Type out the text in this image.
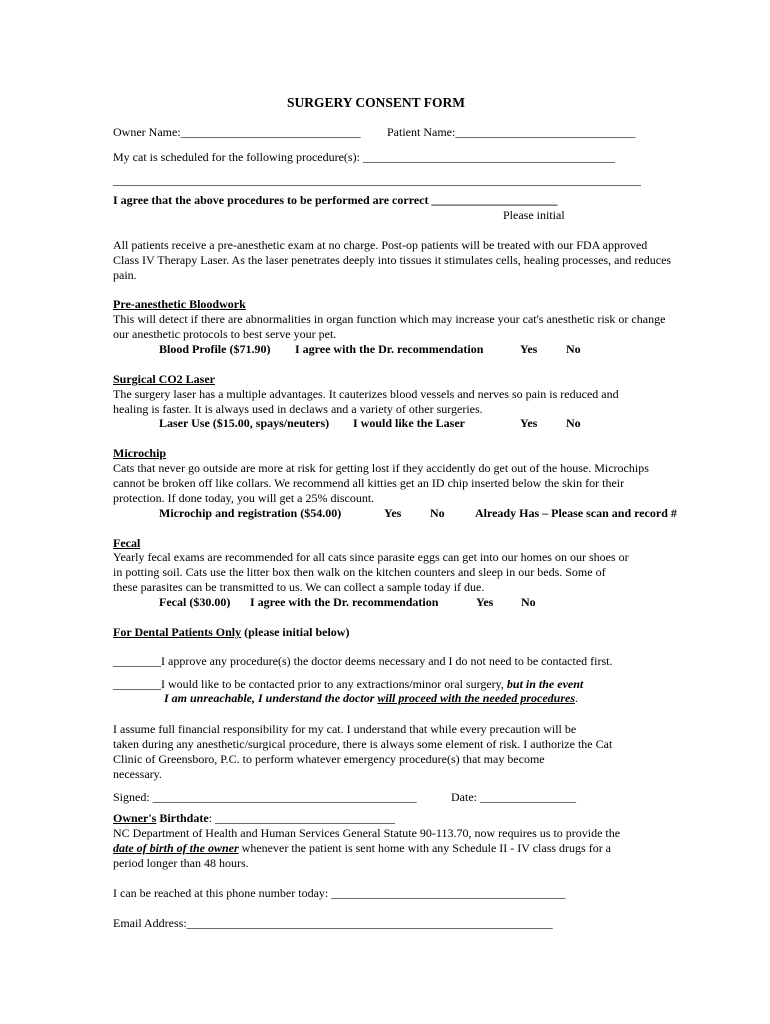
SURGERY CONSENT FORM
Owner Name:______________________________ Patient Name:______________________________
My cat is scheduled for the following procedure(s): __________________________________________
________________________________________________________________________________________
I agree that the above procedures to be performed are correct _____________________
Please initial
All patients receive a pre-anesthetic exam at no charge. Post-op patients will be treated with our FDA approved
Class IV Therapy Laser. As the laser penetrates deeply into tissues it stimulates cells, healing processes, and reduces
pain.
Pre-anesthetic Bloodwork
This will detect if there are abnormalities in organ function which may increase your cat's anesthetic risk or change
our anesthetic protocols to best serve your pet.
Blood Profile ($71.90) I agree with the Dr. recommendation	Yes No
Surgical CO2 Laser
The surgery laser has a multiple advantages. It cauterizes blood vessels and nerves so pain is reduced and
healing is faster. It is always used in declaws and a variety of other surgeries.
Laser Use ($15.00, spays/neuters) I would like the Laser	Yes No
Microchip
Cats that never go outside are more at risk for getting lost if they accidently do get out of the house. Microchips
cannot be broken off like collars. We recommend all kitties get an ID chip inserted below the skin for their
protection. If done today, you will get a 25% discount.
Microchip and registration ($54.00)	Yes No	Already Has – Please scan and record #
Fecal
Yearly fecal exams are recommended for all cats since parasite eggs can get into our homes on our shoes or
in potting soil. Cats use the litter box then walk on the kitchen counters and sleep in our beds. Some of
these parasites can be transmitted to us. We can collect a sample today if due.
Fecal ($30.00) I agree with the Dr. recommendation	Yes No
For Dental Patients Only (please initial below)
________I approve any procedure(s) the doctor deems necessary and I do not need to be contacted first.
________I would like to be contacted prior to any extractions/minor oral surgery, but in the event
I am unreachable, I understand the doctor will proceed with the needed procedures.
I assume full financial responsibility for my cat. I understand that while every precaution will be
taken during any anesthetic/surgical procedure, there is always some element of risk. I authorize the Cat
Clinic of Greensboro, P.C. to perform whatever emergency procedure(s) that may become
necessary.
Signed: ____________________________________________	Date: ________________
Owner's Birthdate: ______________________________
NC Department of Health and Human Services General Statute 90-113.70, now requires us to provide the
date of birth of the owner whenever the patient is sent home with any Schedule II - IV class drugs for a
period longer than 48 hours.
I can be reached at this phone number today: _______________________________________
Email Address:_____________________________________________________________
